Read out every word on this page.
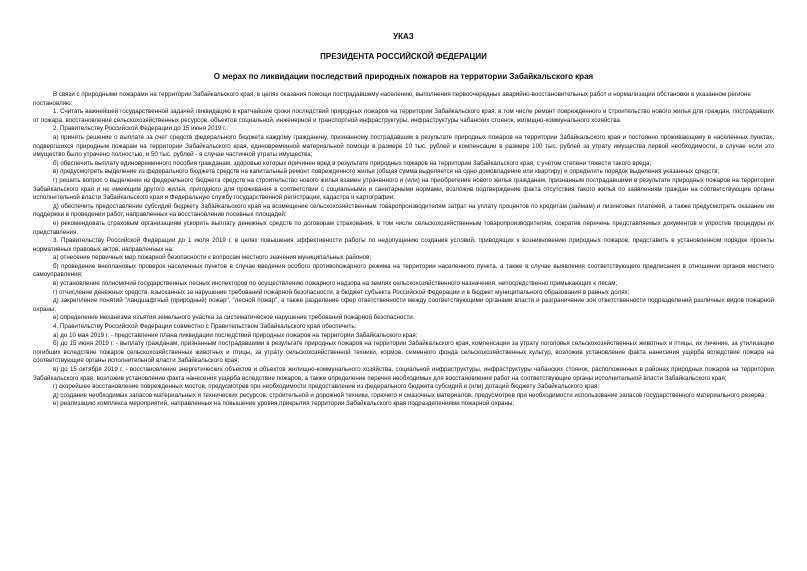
УКАЗ
ПРЕЗИДЕНТА РОССИЙСКОЙ ФЕДЕРАЦИИ
О мерах по ликвидации последствий природных пожаров на территории Забайкальского края

В связи с природными пожарами на территории Забайкальского края, в целях оказания помощи пострадавшему населению, выполнения первоочередных аварийно-восстановительных работ и нормализации обстановки в указанном регионе

постановляю:

1. Считать важнейшей государственной задачей ликвидацию в кратчайшие сроки последствий природных пожаров на территории Забайкальского края, в том числе ремонт поврежденного и строительство нового жилья для граждан, пострадавших от пожара, восстановление сельскохозяйственных ресурсов, объектов социальной, инженерной и транспортной инфраструктуры, инфраструктуры чабанских стоянок, жилищно-коммунального хозяйства.

2. Правительству Российской Федерации до 15 июня 2019 г.:

а) принять решение о выплате за счет средств федерального бюджета каждому гражданину, признанному пострадавшим в результате природных пожаров на территории Забайкальского края и постоянно проживающему в населенных пунктах, подвергшихся природным пожарам на территории Забайкальского края, единовременной материальной помощи в размере 10 тыс. рублей и компенсации в размере 100 тыс. рублей за утрату имущества первой необходимости, в случае если это имущество было утрачено полностью, и 50 тыс. рублей - в случае частичной утраты имущества;

б) обеспечить выплату единовременного пособия гражданам, здоровью которых причинен вред в результате природных пожаров на территории Забайкальского края, с учетом степени тяжести такого вреда;

в) предусмотреть выделение из федерального бюджета средств на капитальный ремонт поврежденного жилья (общая сумма выделяется на одно домовладение или квартиру) и определить порядок выделения указанных средств;

г) решить вопрос о выделении из федерального бюджета средств на строительство нового жилья взамен утраченного и (или) на приобретение нового жилья гражданам, признанным пострадавшими в результате природных пожаров на территории Забайкальского края и не имеющим другого жилья, пригодного для проживания в соответствии с социальными и санитарными нормами, возложив подтверждение факта отсутствия такого жилья по заявлениям граждан на соответствующие органы исполнительной власти Забайкальского края и Федеральную службу государственной регистрации, кадастра и картографии;

д) обеспечить предоставление субсидий бюджету Забайкальского края на возмещение сельскохозяйственным товаропроизводителям затрат на уплату процентов по кредитам (займам) и лизинговых платежей, а также предусмотреть оказание им поддержки в проведении работ, направленных на восстановление посевных площадей;

е) рекомендовать страховым организациям ускорить выплату денежных средств по договорам страхования, в том числе сельскохозяйственным товаропроизводителям, сократив перечень представляемых документов и упростив процедуры их представления.

3. Правительству Российской Федерации до 1 июля 2019 г. в целях повышения эффективности работы по недопущению создания условий, приводящих к возникновению природных пожаров, представить в установленном порядке проекты нормативных правовых актов, направленных на:

а) отнесение первичных мер пожарной безопасности к вопросам местного значения муниципальных районов;

б) проведение внеплановых проверок населенных пунктов в случае введения особого противопожарного режима на территории населенного пункта, а также в случае выявления соответствующего предписания в отношении органов местного самоуправления;

в) установление полномочий государственных лесных инспекторов по осуществлению пожарного надзора на землях сельскохозяйственного назначения, непосредственно примыкающих к лесам;

г) отчисление денежных средств, взысканных за нарушение требований пожарной безопасности, в бюджет субъекта Российской Федерации и в бюджет муниципального образования в равных долях;

д) закрепление понятий "ландшафтный (природный) пожар", "лесной пожар", а также разделение сфер ответственности между соответствующими органами власти и разграничение зон ответственности подразделений различных видов пожарной охраны;

е) определение механизма изъятия земельного участка за систематическое нарушение требований пожарной безопасности.

4. Правительству Российской Федерации совместно с Правительством Забайкальского края обеспечить:

а) до 10 мая 2019 г. - представление плана ликвидации последствий природных пожаров на территории Забайкальского края;

б) до 15 июня 2019 г. - выплату гражданам, признанным пострадавшими в результате природных пожаров на территории Забайкальского края, компенсации за утрату поголовья сельскохозяйственных животных и птицы, их лечение, за утилизацию погибших вследствие пожаров сельскохозяйственных животных и птицы, за утрату сельскохозяйственной техники, кормов, семенного фонда сельскохозяйственных культур, возложив установление факта нанесения ущерба вследствие пожара на соответствующие органы исполнительной власти Забайкальского края;

в) до 15 октября 2019 г. - восстановление энергетических объектов и объектов жилищно-коммунального хозяйства, социальной инфраструктуры, инфраструктуры чабанских стоянок, расположенных в районах природных пожаров на территории Забайкальского края, возложив установление факта нанесения ущерба вследствие пожаров, а также определение перечня необходимых для восстановления работ на соответствующие органы исполнительной власти Забайкальского края;

г) скорейшее восстановление поврежденных мостов, предусмотрев при необходимости предоставление из федерального бюджета субсидий и (или) дотаций бюджету Забайкальского края;

д) создание необходимых запасов материальных и технических ресурсов, строительной и дорожной техники, горючего и смазочных материалов, предусмотрев при необходимости использование запасов государственного материального резерва;

е) реализацию комплекса мероприятий, направленных на повышение уровня прикрытия территории Забайкальского края подразделениями пожарной охраны;
